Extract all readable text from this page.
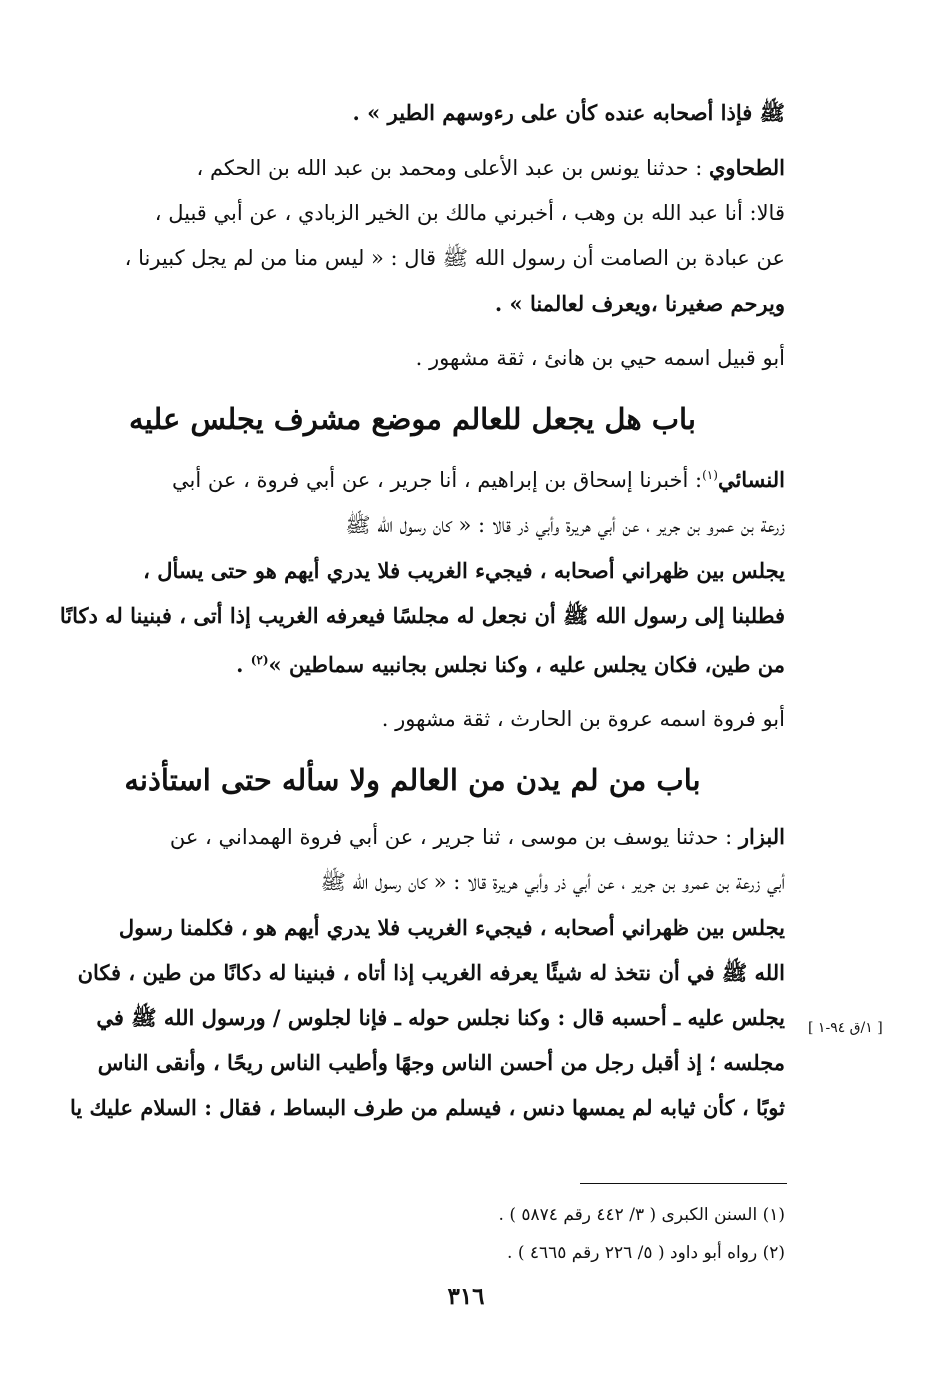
ﷺ فإذا أصحابه عنده كأن على رءوسهم الطير » .
الطحاوي : حدثنا يونس بن عبد الأعلى ومحمد بن عبد الله بن الحكم ،
قالا: أنا عبد الله بن وهب ، أخبرني مالك بن الخير الزبادي ، عن أبي قبيل ،
عن عبادة بن الصامت أن رسول الله ﷺ قال : « ليس منا من لم يجل كبيرنا ،
ويرحم صغيرنا ،ويعرف لعالمنا » .
أبو قبيل اسمه حيي بن هانئ ، ثقة مشهور .
باب هل يجعل للعالم موضع مشرف يجلس عليه
النسائي$^{(١)}$: أخبرنا إسحاق بن إبراهيم ، أنا جرير ، عن أبي فروة ، عن أبي
زرعة بن عمرو بن جرير ، عن أبي هريرة وأبي ذر قالا : « كان رسول الله ﷺ
يجلس بين ظهراني أصحابه ، فيجيء الغريب فلا يدري أيهم هو حتى يسأل ،
فطلبنا إلى رسول الله ﷺ أن نجعل له مجلسًا فيعرفه الغريب إذا أتى ، فبنينا له دكانًا
من طين، فكان يجلس عليه ، وكنا نجلس بجانبيه سماطين »$^{(٢)}$ .
أبو فروة اسمه عروة بن الحارث ، ثقة مشهور .
باب من لم يدن من العالم ولا سأله حتى استأذنه
البزار : حدثنا يوسف بن موسى ، ثنا جرير ، عن أبي فروة الهمداني ، عن
أبي زرعة بن عمرو بن جرير ، عن أبي ذر وأبي هريرة قالا : « كان رسول الله ﷺ
يجلس بين ظهراني أصحابه ، فيجيء الغريب فلا يدري أيهم هو ، فكلمنا رسول
الله ﷺ في أن نتخذ له شيئًا يعرفه الغريب إذا أتاه ، فبنينا له دكانًا من طين ، فكان
يجلس عليه ـ أحسبه قال : وكنا نجلس حوله ـ فإنا لجلوس / ورسول الله ﷺ في
مجلسه ؛ إذ أقبل رجل من أحسن الناس وجهًا وأطيب الناس ريحًا ، وأنقى الناس
ثوبًا ، كأن ثيابه لم يمسها دنس ، فيسلم من طرف البساط ، فقال : السلام عليك يا
[ ١/ق ٩٤-١ ]
(١) السنن الكبرى ( ٣/ ٤٤٢ رقم ٥٨٧٤ ) .
(٢) رواه أبو داود ( ٥/ ٢٢٦ رقم ٤٦٦٥ ) .
٣١٦
